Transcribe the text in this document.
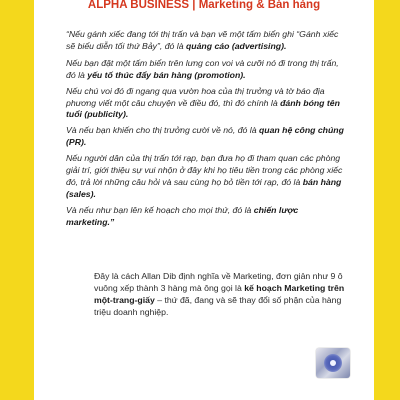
ALPHA BUSINESS | Marketing & Bán hàng

“Nếu gánh xiếc đang tới thị trấn và bạn vẽ một tấm biển ghi “Gánh xiếc sẽ biểu diễn tối thứ Bảy”, đó là quảng cáo (advertising).

Nếu bạn đặt một tấm biển trên lưng con voi và cưỡi nó đi trong thị trấn, đó là yếu tố thúc đẩy bán hàng (promotion).

Nếu chú voi đó đi ngang qua vườn hoa của thị trưởng và tờ báo địa phương viết một câu chuyện về điều đó, thì đó chính là đánh bóng tên tuổi (publicity).

Và nếu bạn khiến cho thị trưởng cười về nó, đó là quan hệ công chúng (PR).

Nếu người dân của thị trấn tới rạp, bạn đưa họ đi tham quan các phòng giải trí, giới thiệu sự vui nhộn ở đây khi họ tiêu tiền trong các phòng xiếc đó, trả lời những câu hỏi và sau cùng họ bỏ tiền tới rạp, đó là bán hàng (sales).

Và nếu như bạn lên kế hoạch cho mọi thứ, đó là chiến lược marketing.”

Đây là cách Allan Dib định nghĩa về Marketing, đơn giản như 9 ô vuông xếp thành 3 hàng mà ông gọi là kế hoạch Marketing trên một-trang-giấy – thứ đã, đang và sẽ thay đổi số phận của hàng triệu doanh nghiệp.
